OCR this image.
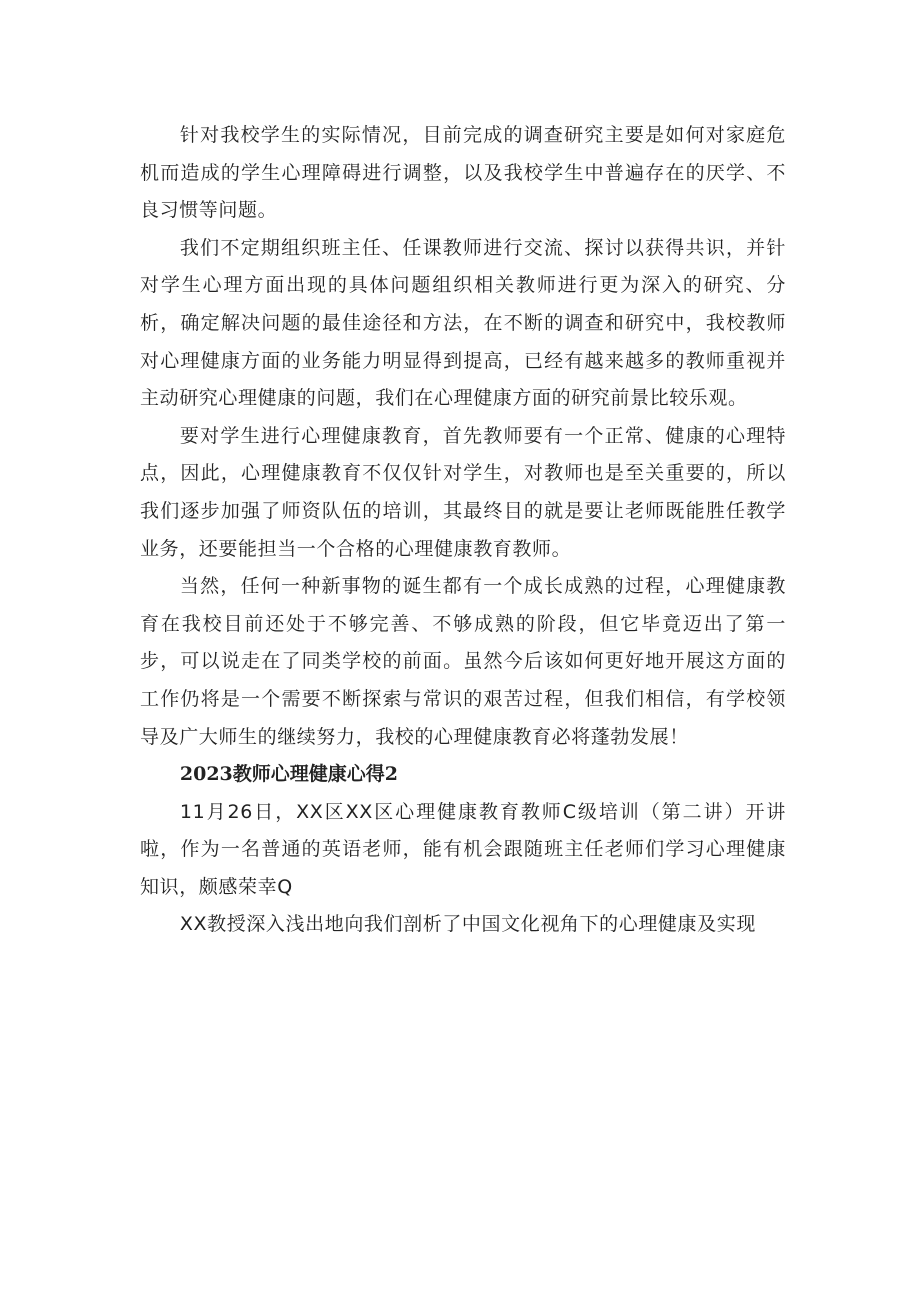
针对我校学生的实际情况，目前完成的调查研究主要是如何对家庭危机而造成的学生心理障碍进行调整，以及我校学生中普遍存在的厌学、不良习惯等问题。

我们不定期组织班主任、任课教师进行交流、探讨以获得共识，并针对学生心理方面出现的具体问题组织相关教师进行更为深入的研究、分析，确定解决问题的最佳途径和方法，在不断的调查和研究中，我校教师对心理健康方面的业务能力明显得到提高，已经有越来越多的教师重视并主动研究心理健康的问题，我们在心理健康方面的研究前景比较乐观。

要对学生进行心理健康教育，首先教师要有一个正常、健康的心理特点，因此，心理健康教育不仅仅针对学生，对教师也是至关重要的，所以我们逐步加强了师资队伍的培训，其最终目的就是要让老师既能胜任教学业务，还要能担当一个合格的心理健康教育教师。

当然，任何一种新事物的诞生都有一个成长成熟的过程，心理健康教育在我校目前还处于不够完善、不够成熟的阶段，但它毕竟迈出了第一步，可以说走在了同类学校的前面。虽然今后该如何更好地开展这方面的工作仍将是一个需要不断探索与常识的艰苦过程，但我们相信，有学校领导及广大师生的继续努力，我校的心理健康教育必将蓬勃发展！

2023教师心理健康心得2

11月26日，XX区XX区心理健康教育教师C级培训（第二讲）开讲啦，作为一名普通的英语老师，能有机会跟随班主任老师们学习心理健康知识，颇感荣幸Q

XX教授深入浅出地向我们剖析了中国文化视角下的心理健康及实现
